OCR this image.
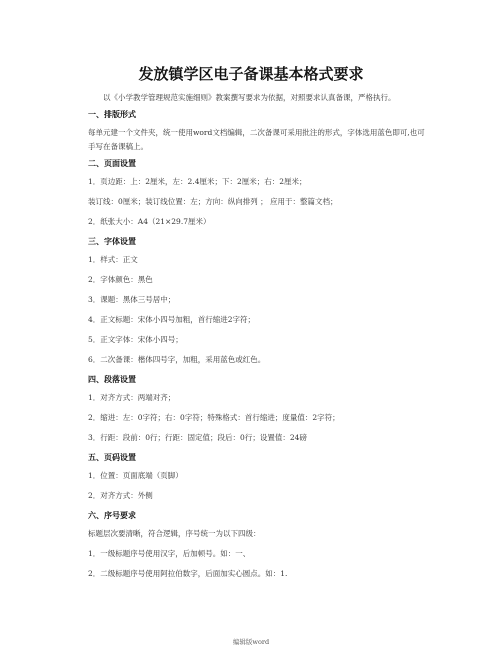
发放镇学区电子备课基本格式要求

以《小学教学管理规范实施细则》教案撰写要求为依据，对照要求认真备课，严格执行。

一、排版形式

每单元建一个文件夹，统一使用word文档编辑，二次备课可采用批注的形式，字体选用蓝色即可,也可手写在备课稿上。

二、页面设置

1．页边距：上：2厘米，左：2.4厘米；下：2厘米；右：2厘米；

装订线：0厘米；装订线位置：左；方向：纵向排列 ； 应用于：整篇文档；

2．纸张大小：A4（21×29.7厘米）

三、字体设置

1．样式：正文

2．字体颜色：黑色

3．课题：黑体三号居中；

4．正文标题：宋体小四号加粗，首行缩进2字符；

5．正文字体：宋体小四号；

6．二次备课：楷体四号字，加粗，采用蓝色或红色。

四、段落设置

1．对齐方式：两端对齐；

2．缩进：左：0字符；右：0字符；特殊格式：首行缩进；度量值：2字符；

3．行距：段前：0行；行距：固定值；段后：0行；设置值：24磅

五、页码设置

1．位置：页面底端（页脚）

2．对齐方式：外侧

六、序号要求

标题层次要清晰，符合逻辑，序号统一为以下四级：

1．一级标题序号使用汉字，后加顿号。如：一、

2．二级标题序号使用阿拉伯数字，后面加实心圆点。如：1.

编辑版word
